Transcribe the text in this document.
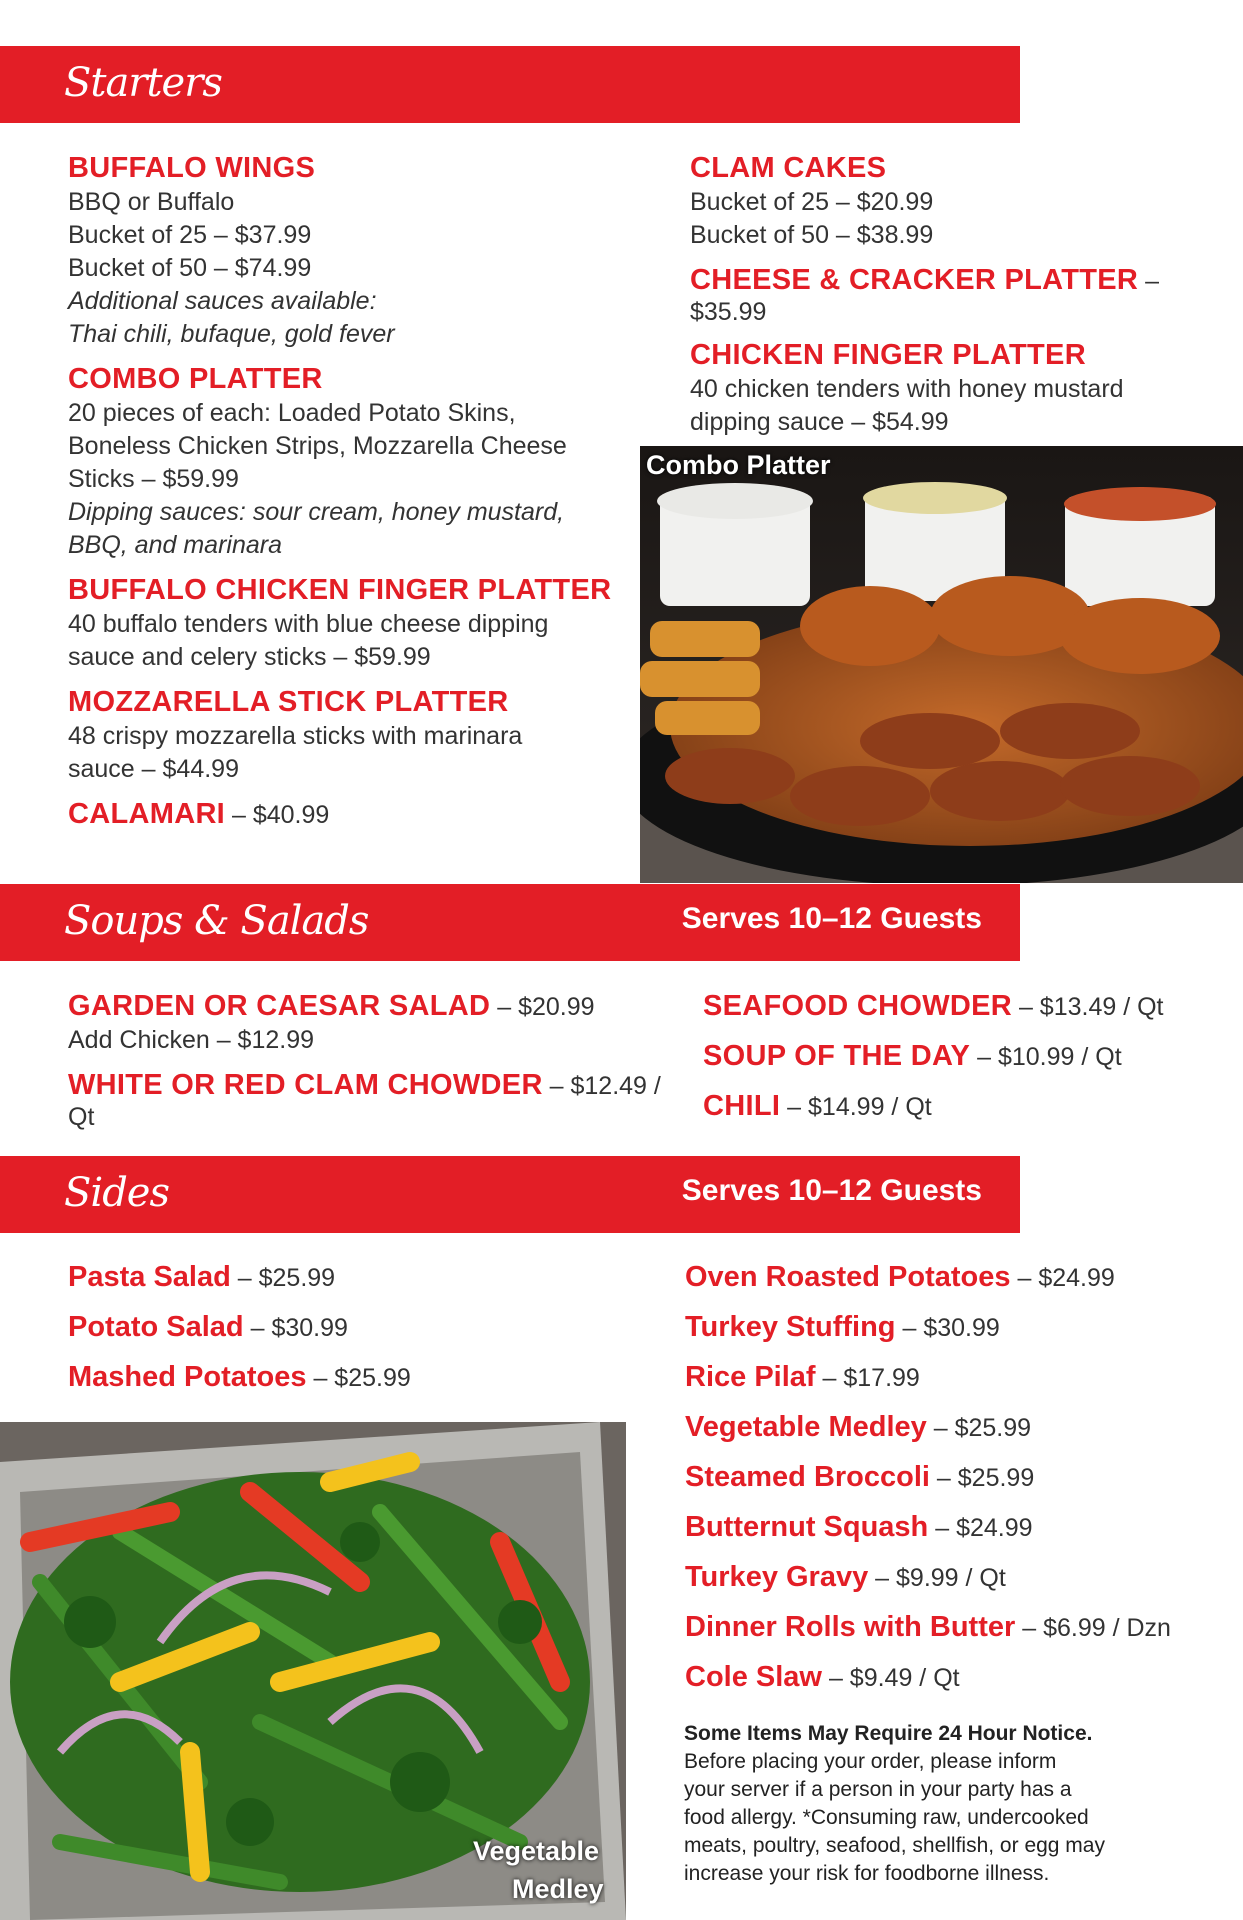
Starters
BUFFALO WINGS
BBQ or Buffalo
Bucket of 25 – $37.99
Bucket of 50 – $74.99
Additional sauces available:
Thai chili, bufaque, gold fever
COMBO PLATTER
20 pieces of each: Loaded Potato Skins,
Boneless Chicken Strips, Mozzarella Cheese
Sticks – $59.99
Dipping sauces: sour cream, honey mustard,
BBQ, and marinara
BUFFALO CHICKEN FINGER PLATTER
40 buffalo tenders with blue cheese dipping
sauce and celery sticks – $59.99
MOZZARELLA STICK PLATTER
48 crispy mozzarella sticks with marinara
sauce – $44.99
CALAMARI – $40.99
CLAM CAKES
Bucket of 25 – $20.99
Bucket of 50 – $38.99
CHEESE & CRACKER PLATTER – $35.99
CHICKEN FINGER PLATTER
40 chicken tenders with honey mustard
dipping sauce – $54.99
Combo Platter
Soups & Salads	Serves 10–12 Guests
GARDEN OR CAESAR SALAD – $20.99
Add Chicken – $12.99
WHITE OR RED CLAM CHOWDER – $12.49 / Qt
SEAFOOD CHOWDER – $13.49 / Qt
SOUP OF THE DAY – $10.99 / Qt
CHILI – $14.99 / Qt
Sides	Serves 10–12 Guests
Pasta Salad – $25.99
Potato Salad – $30.99
Mashed Potatoes – $25.99
Oven Roasted Potatoes – $24.99
Turkey Stuffing – $30.99
Rice Pilaf – $17.99
Vegetable Medley – $25.99
Steamed Broccoli – $25.99
Butternut Squash – $24.99
Turkey Gravy – $9.99 / Qt
Dinner Rolls with Butter – $6.99 / Dzn
Cole Slaw – $9.49 / Qt
Vegetable
Medley
Some Items May Require 24 Hour Notice.
Before placing your order, please inform
your server if a person in your party has a
food allergy. *Consuming raw, undercooked
meats, poultry, seafood, shellfish, or egg may
increase your risk for foodborne illness.
